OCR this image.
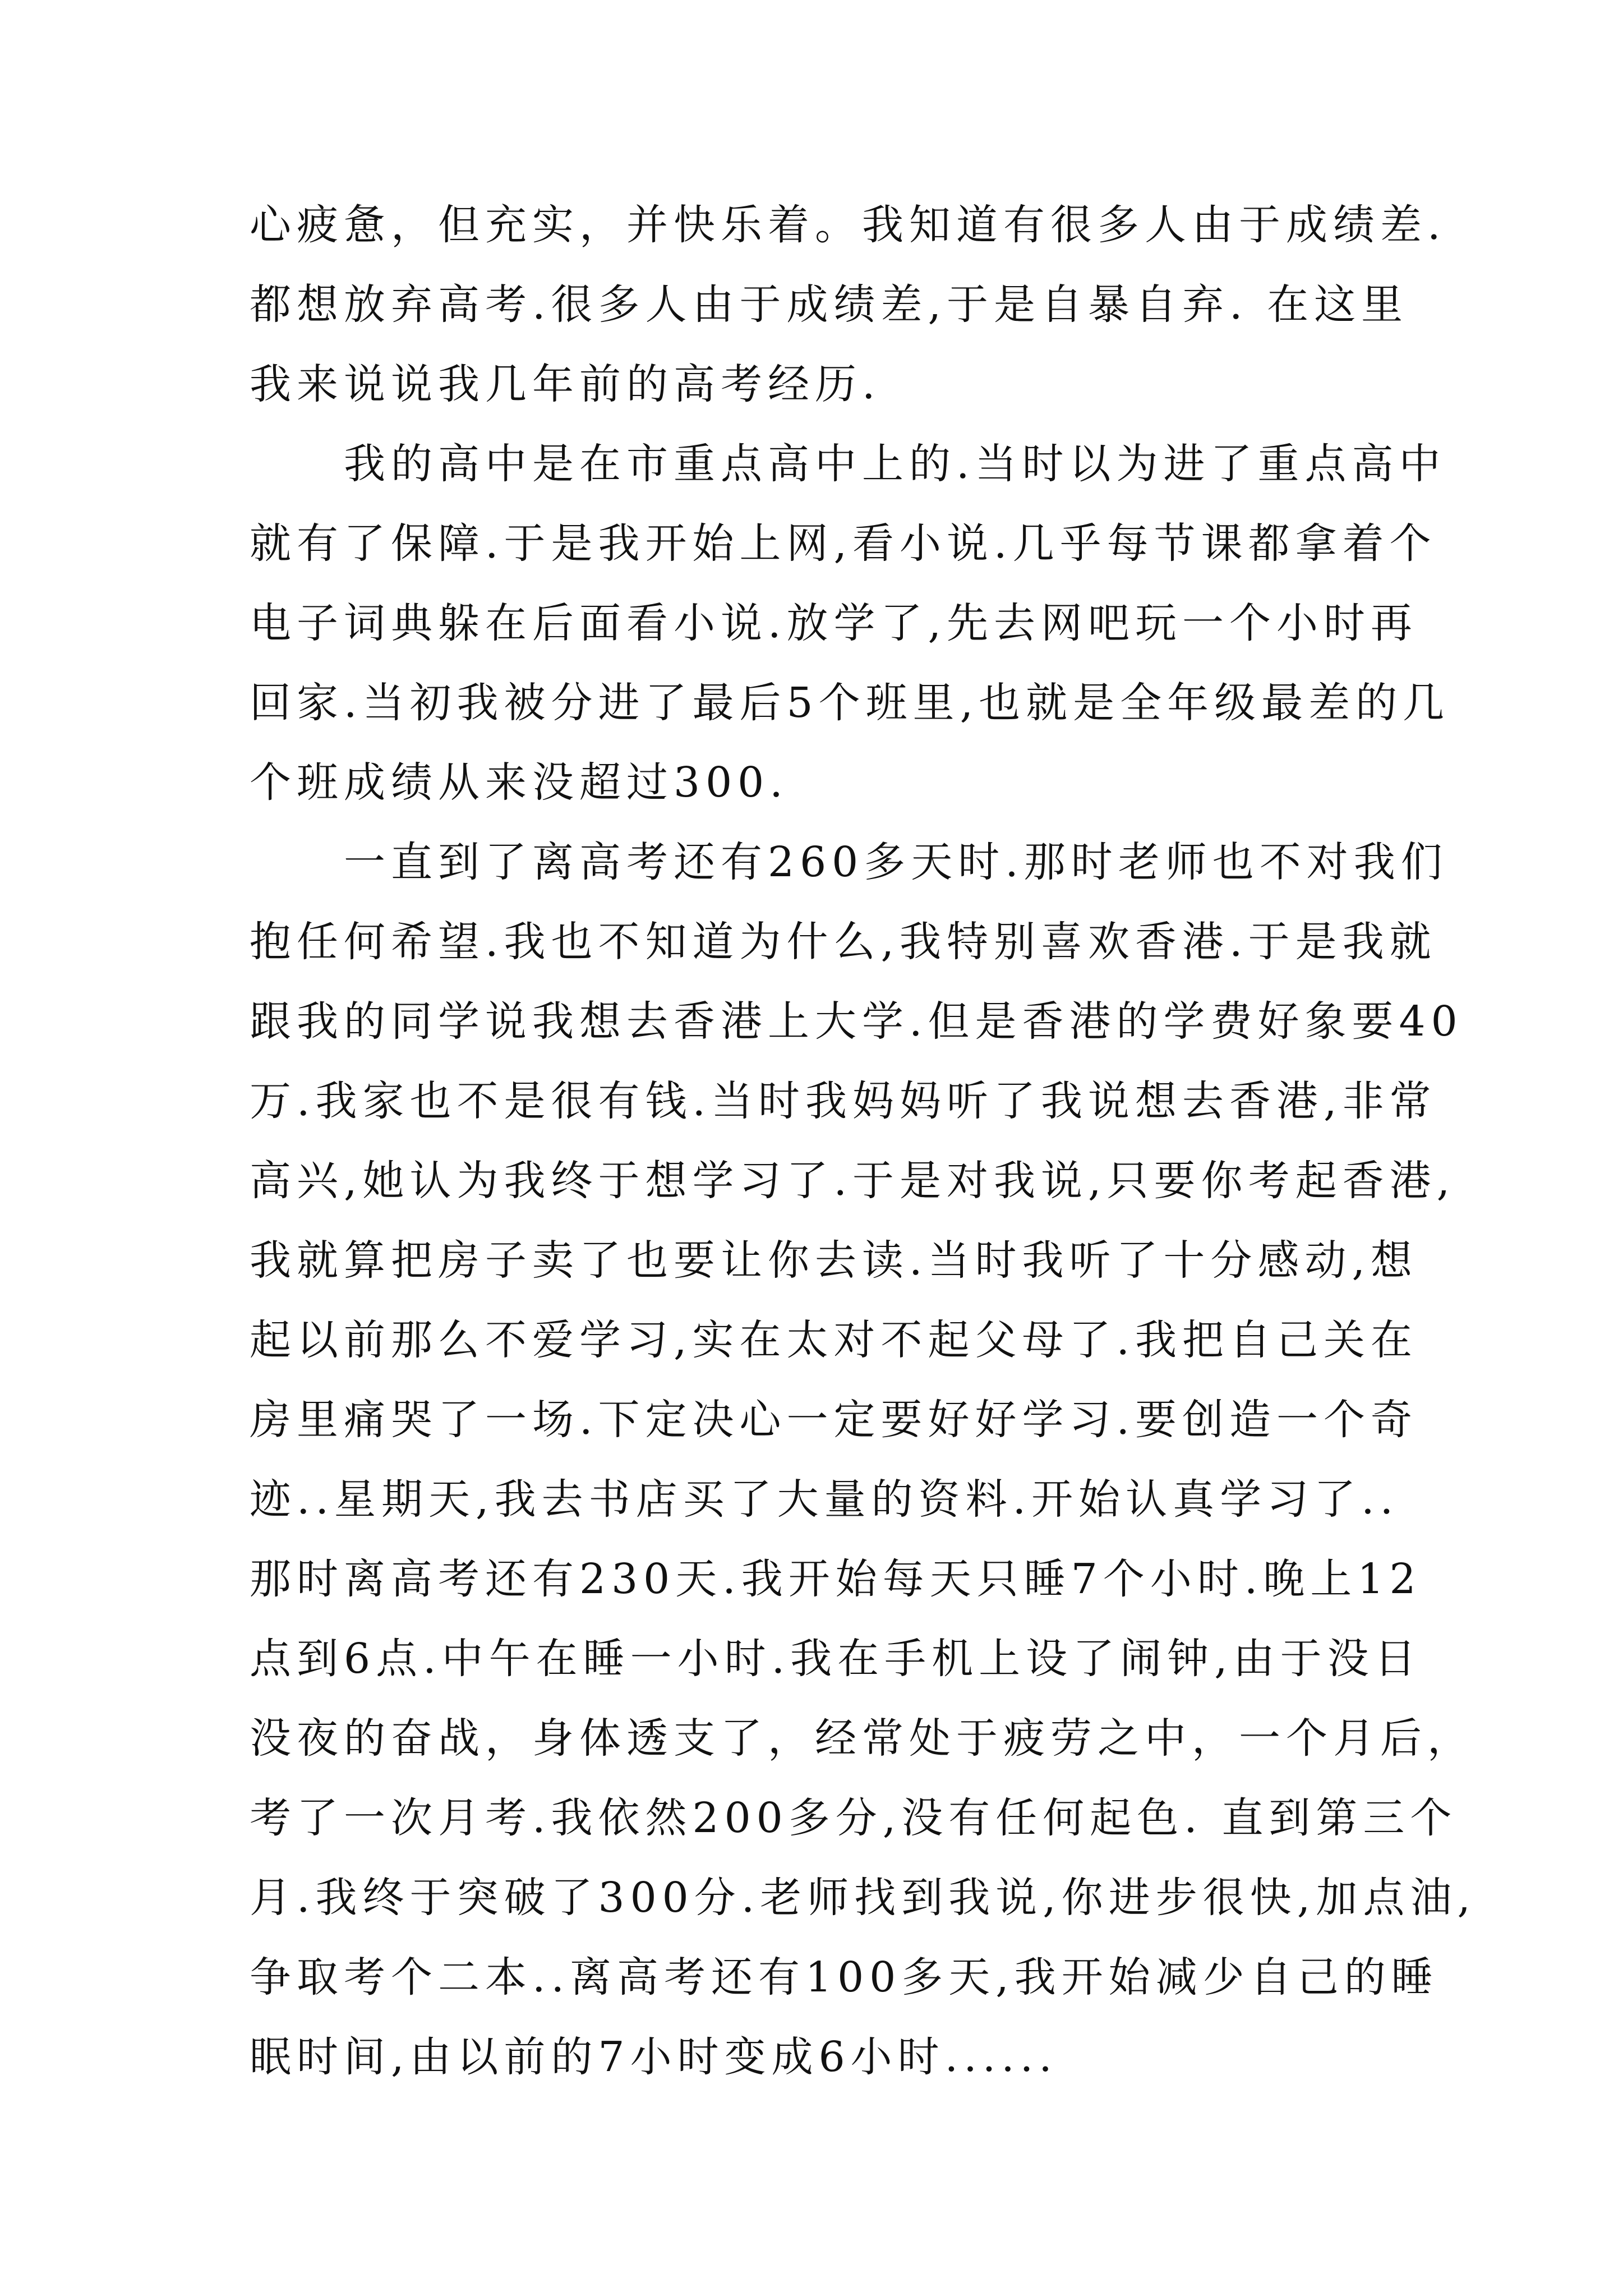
心疲惫，但充实，并快乐着。我知道有很多人由于成绩差.
都想放弃高考.很多人由于成绩差,于是自暴自弃. 在这里
我来说说我几年前的高考经历.
　　我的高中是在市重点高中上的.当时以为进了重点高中
就有了保障.于是我开始上网,看小说.几乎每节课都拿着个
电子词典躲在后面看小说.放学了,先去网吧玩一个小时再
回家.当初我被分进了最后5个班里,也就是全年级最差的几
个班成绩从来没超过300.
　　一直到了离高考还有260多天时.那时老师也不对我们
抱任何希望.我也不知道为什么,我特别喜欢香港.于是我就
跟我的同学说我想去香港上大学.但是香港的学费好象要40
万.我家也不是很有钱.当时我妈妈听了我说想去香港,非常
高兴,她认为我终于想学习了.于是对我说,只要你考起香港,
我就算把房子卖了也要让你去读.当时我听了十分感动,想
起以前那么不爱学习,实在太对不起父母了.我把自己关在
房里痛哭了一场.下定决心一定要好好学习.要创造一个奇
迹..星期天,我去书店买了大量的资料.开始认真学习了..
那时离高考还有230天.我开始每天只睡7个小时.晚上12
点到6点.中午在睡一小时.我在手机上设了闹钟,由于没日
没夜的奋战，身体透支了，经常处于疲劳之中，一个月后，
考了一次月考.我依然200多分,没有任何起色. 直到第三个
月.我终于突破了300分.老师找到我说,你进步很快,加点油,
争取考个二本..离高考还有100多天,我开始减少自己的睡
眠时间,由以前的7小时变成6小时......
